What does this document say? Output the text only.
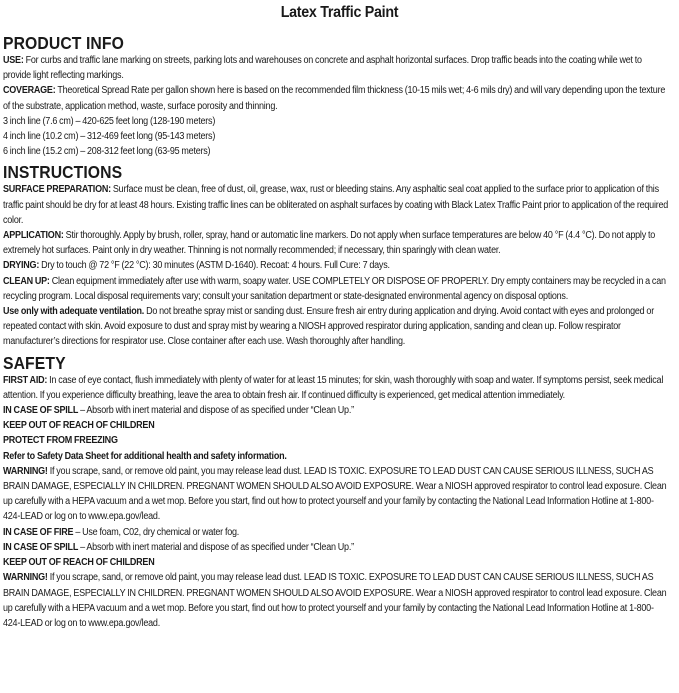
Latex Traffic Paint
PRODUCT INFO

USE: For curbs and traffic lane marking on streets, parking lots and warehouses on concrete and asphalt horizontal surfaces. Drop traffic beads into the coating while wet to provide light reflecting markings.

COVERAGE: Theoretical Spread Rate per gallon shown here is based on the recommended film thickness (10-15 mils wet; 4-6 mils dry) and will vary depending upon the texture of the substrate, application method, waste, surface porosity and thinning.

3 inch line (7.6 cm) – 420-625 feet long (128-190 meters)

4 inch line (10.2 cm) – 312-469 feet long (95-143 meters)

6 inch line (15.2 cm) – 208-312 feet long (63-95 meters)

INSTRUCTIONS

SURFACE PREPARATION: Surface must be clean, free of dust, oil, grease, wax, rust or bleeding stains. Any asphaltic seal coat applied to the surface prior to application of this traffic paint should be dry for at least 48 hours. Existing traffic lines can be obliterated on asphalt surfaces by coating with Black Latex Traffic Paint prior to application of the required color.

APPLICATION: Stir thoroughly. Apply by brush, roller, spray, hand or automatic line markers. Do not apply when surface temperatures are below 40 °F (4.4 °C). Do not apply to extremely hot surfaces. Paint only in dry weather. Thinning is not normally recommended; if necessary, thin sparingly with clean water.

DRYING: Dry to touch @ 72 °F (22 °C): 30 minutes (ASTM D-1640). Recoat: 4 hours. Full Cure: 7 days.

CLEAN UP: Clean equipment immediately after use with warm, soapy water. USE COMPLETELY OR DISPOSE OF PROPERLY. Dry empty containers may be recycled in a can recycling program. Local disposal requirements vary; consult your sanitation department or state-designated environmental agency on disposal options.

Use only with adequate ventilation. Do not breathe spray mist or sanding dust. Ensure fresh air entry during application and drying. Avoid contact with eyes and prolonged or repeated contact with skin. Avoid exposure to dust and spray mist by wearing a NIOSH approved respirator during application, sanding and clean up. Follow respirator manufacturer’s directions for respirator use. Close container after each use. Wash thoroughly after handling.

SAFETY

FIRST AID: In case of eye contact, flush immediately with plenty of water for at least 15 minutes; for skin, wash thoroughly with soap and water. If symptoms persist, seek medical attention. If you experience difficulty breathing, leave the area to obtain fresh air. If continued difficulty is experienced, get medical attention immediately.

IN CASE OF SPILL – Absorb with inert material and dispose of as specified under “Clean Up.”

KEEP OUT OF REACH OF CHILDREN

PROTECT FROM FREEZING

Refer to Safety Data Sheet for additional health and safety information.

WARNING! If you scrape, sand, or remove old paint, you may release lead dust. LEAD IS TOXIC. EXPOSURE TO LEAD DUST CAN CAUSE SERIOUS ILLNESS, SUCH AS BRAIN DAMAGE, ESPECIALLY IN CHILDREN. PREGNANT WOMEN SHOULD ALSO AVOID EXPOSURE. Wear a NIOSH approved respirator to control lead exposure. Clean up carefully with a HEPA vacuum and a wet mop. Before you start, find out how to protect yourself and your family by contacting the National Lead Information Hotline at 1-800-424-LEAD or log on to www.epa.gov/lead.

IN CASE OF FIRE – Use foam, C02, dry chemical or water fog.

IN CASE OF SPILL – Absorb with inert material and dispose of as specified under “Clean Up.”

KEEP OUT OF REACH OF CHILDREN

WARNING! If you scrape, sand, or remove old paint, you may release lead dust. LEAD IS TOXIC. EXPOSURE TO LEAD DUST CAN CAUSE SERIOUS ILLNESS, SUCH AS BRAIN DAMAGE, ESPECIALLY IN CHILDREN. PREGNANT WOMEN SHOULD ALSO AVOID EXPOSURE. Wear a NIOSH approved respirator to control lead exposure. Clean up carefully with a HEPA vacuum and a wet mop. Before you start, find out how to protect yourself and your family by contacting the National Lead Information Hotline at 1-800-424-LEAD or log on to www.epa.gov/lead.
